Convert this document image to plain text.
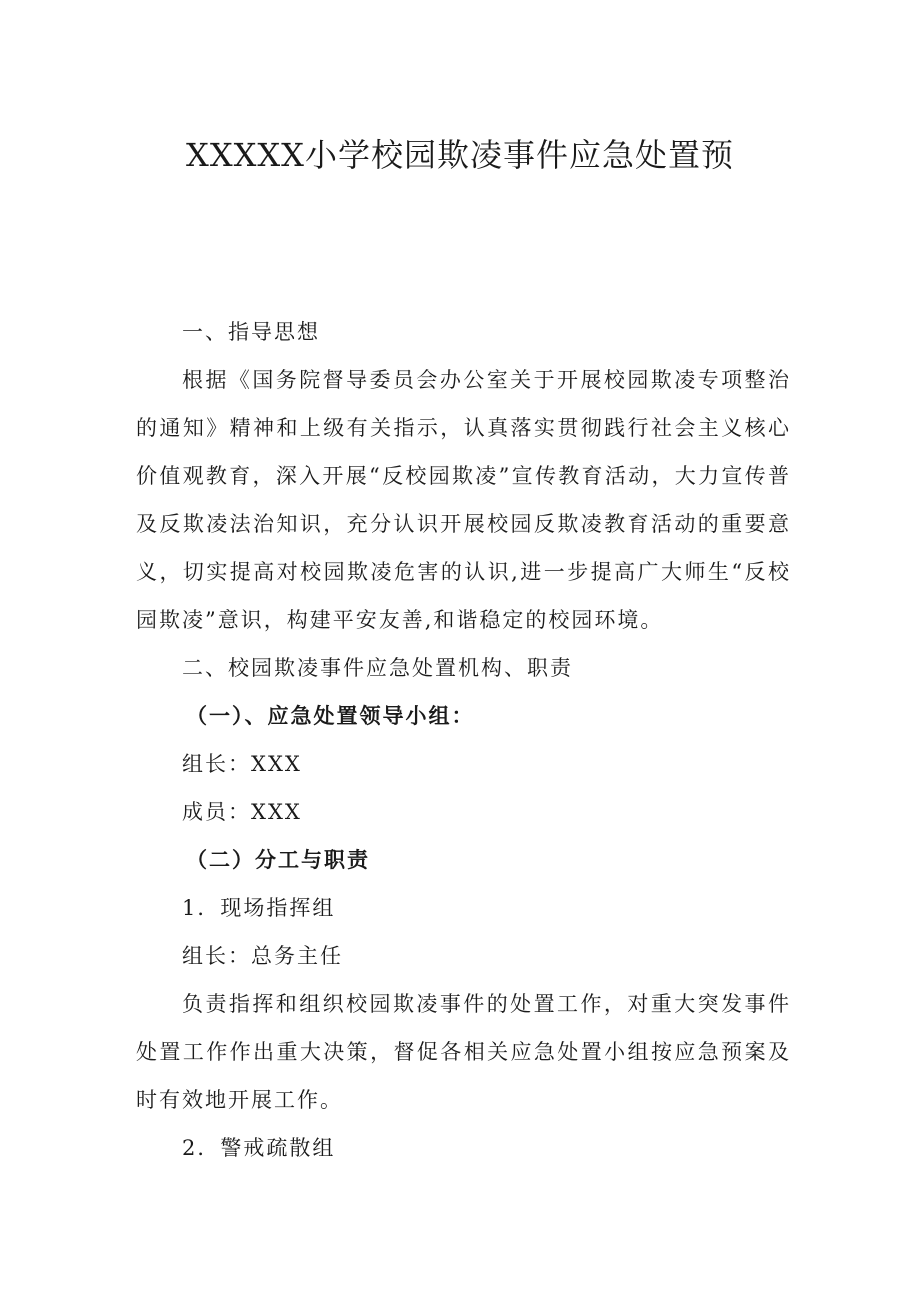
XXXXX小学校园欺凌事件应急处置预

一、指导思想

根据《国务院督导委员会办公室关于开展校园欺凌专项整治的通知》精神和上级有关指示，认真落实贯彻践行社会主义核心价值观教育，深入开展“反校园欺凌”宣传教育活动，大力宣传普及反欺凌法治知识，充分认识开展校园反欺凌教育活动的重要意义，切实提高对校园欺凌危害的认识,进一步提高广大师生“反校园欺凌”意识，构建平安友善,和谐稳定的校园环境。

二、校园欺凌事件应急处置机构、职责

（一）、应急处置领导小组：

组长：XXX

成员：XXX

（二）分工与职责

1．现场指挥组

组长：总务主任

负责指挥和组织校园欺凌事件的处置工作，对重大突发事件处置工作作出重大决策，督促各相关应急处置小组按应急预案及时有效地开展工作。

2．警戒疏散组
